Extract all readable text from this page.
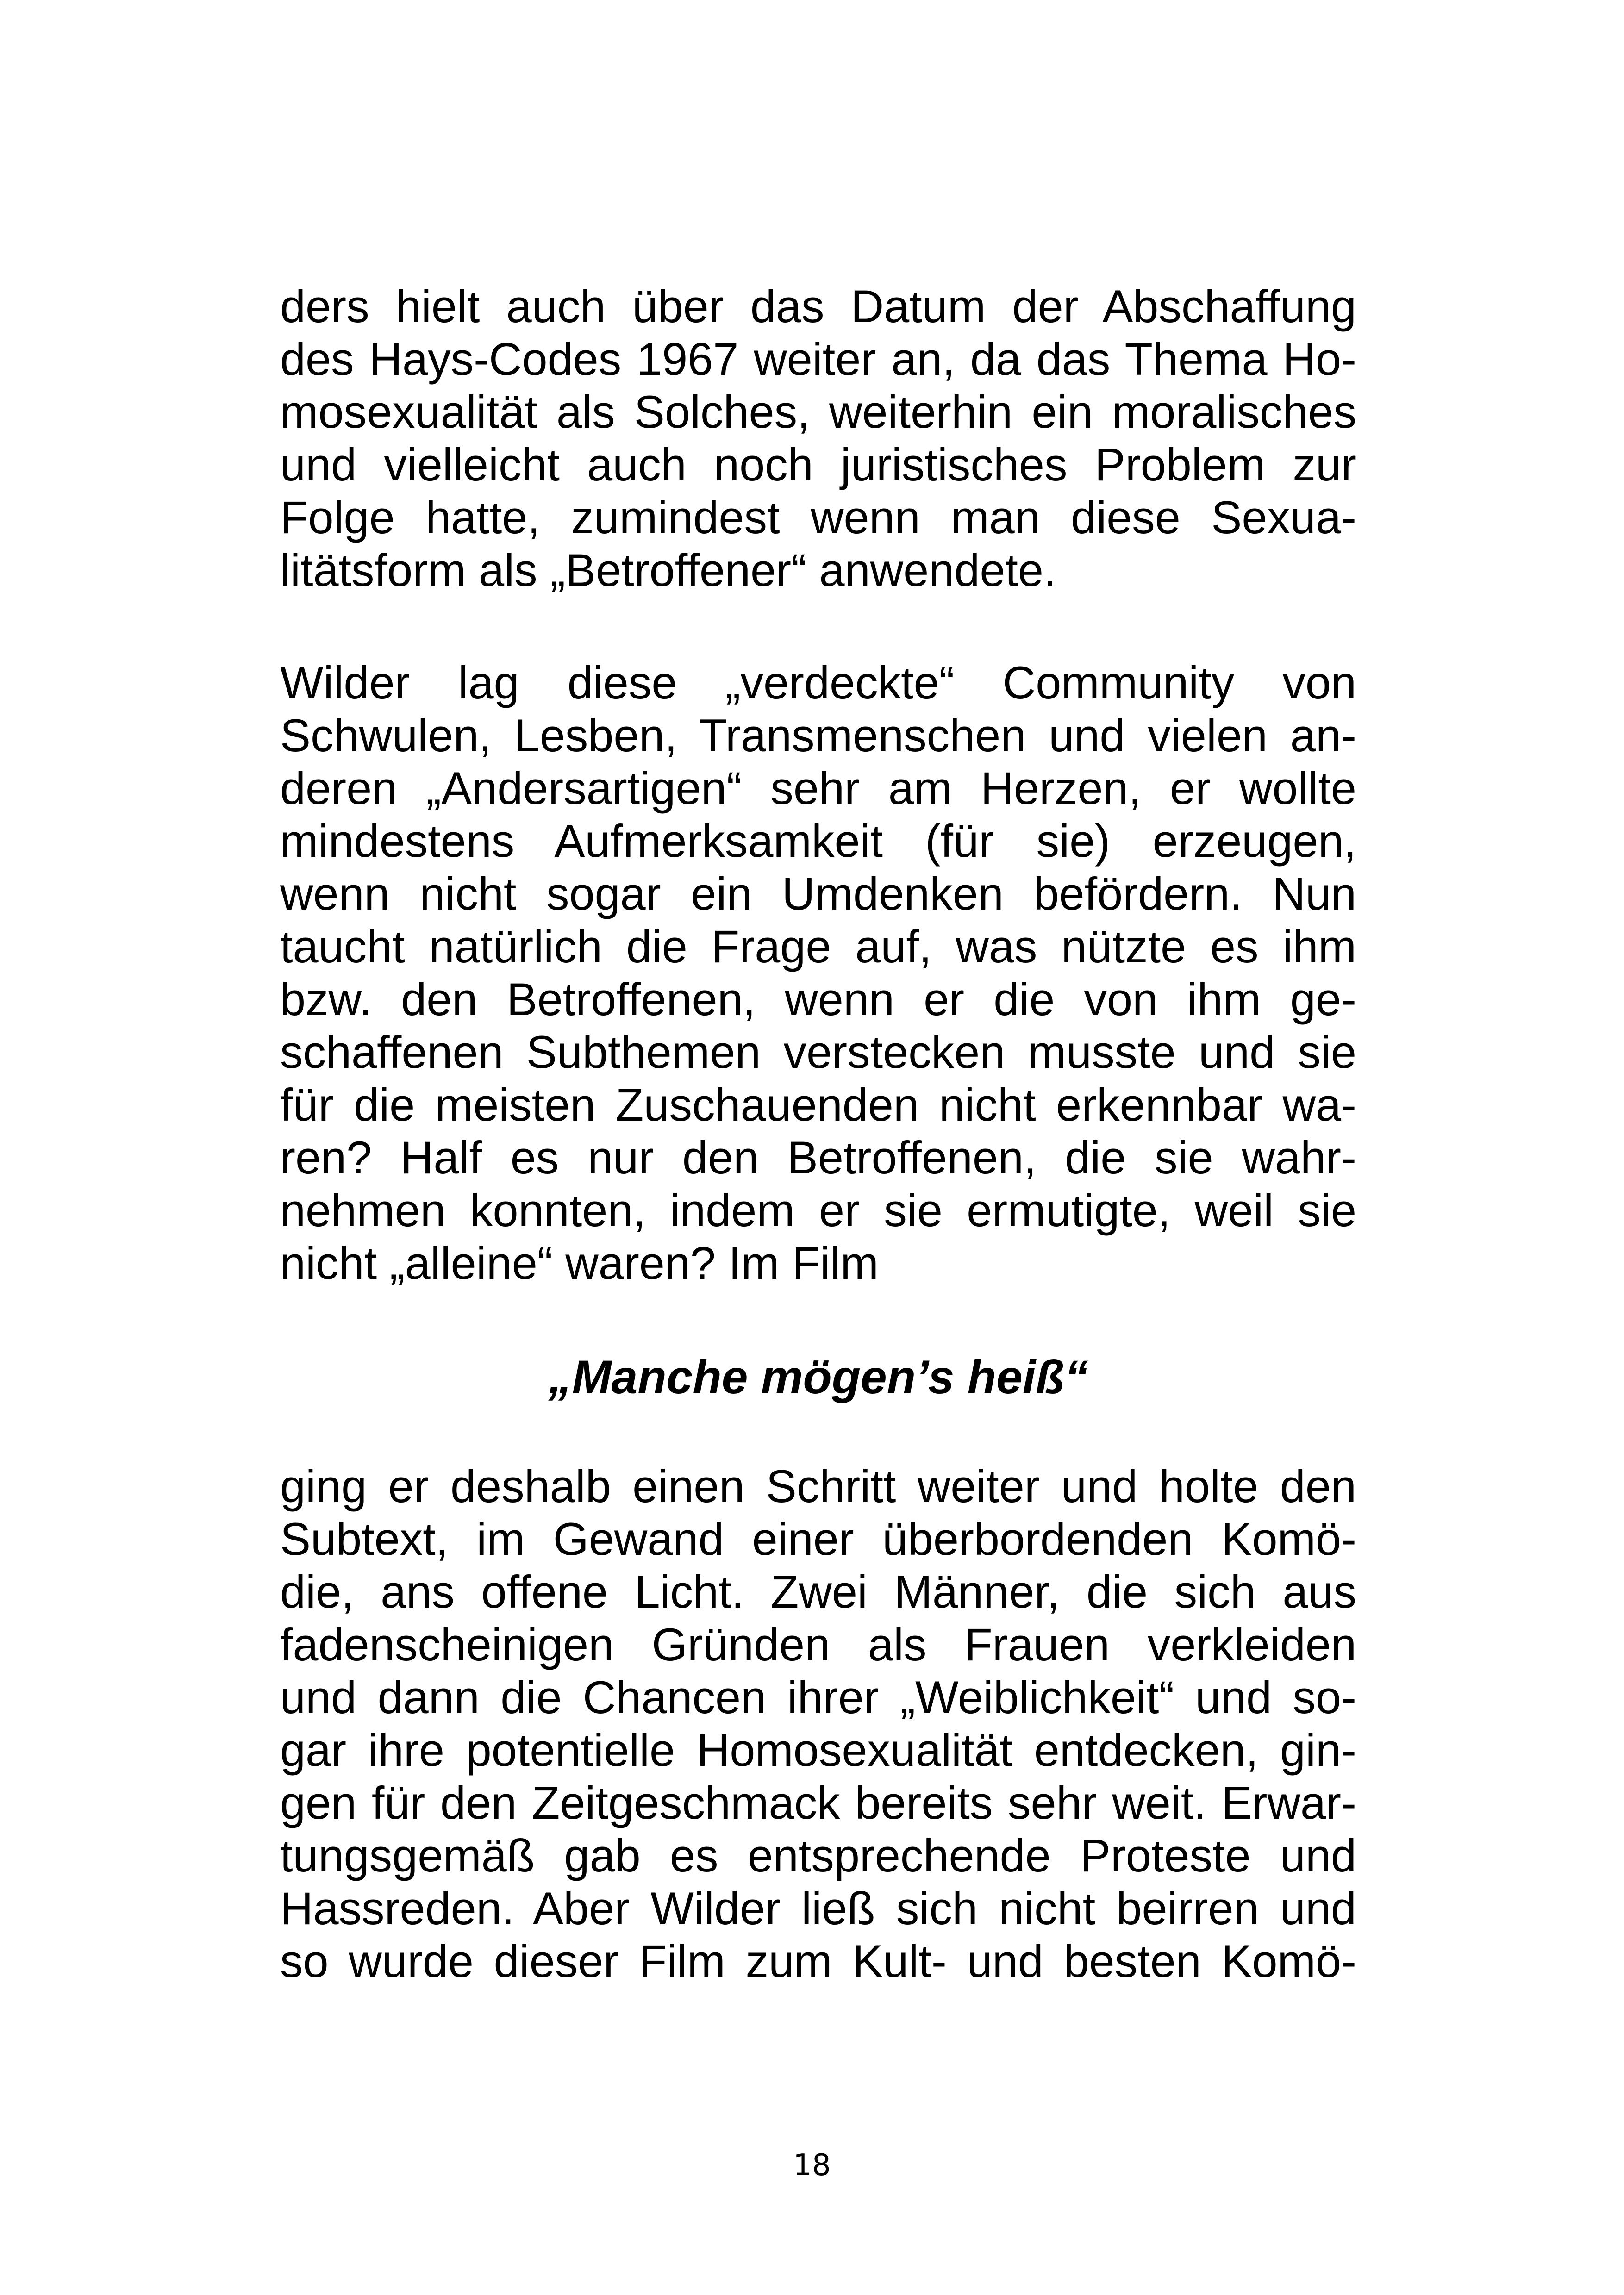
ders hielt auch über das Datum der Abschaffung
des Hays-Codes 1967 weiter an, da das Thema Ho-
mosexualität als Solches, weiterhin ein moralisches
und vielleicht auch noch juristisches Problem zur
Folge hatte, zumindest wenn man diese Sexua-
litätsform als „Betroffener“ anwendete.
Wilder lag diese „verdeckte“ Community von
Schwulen, Lesben, Transmenschen und vielen an-
deren „Andersartigen“ sehr am Herzen, er wollte
mindestens Aufmerksamkeit (für sie) erzeugen,
wenn nicht sogar ein Umdenken befördern. Nun
taucht natürlich die Frage auf, was nützte es ihm
bzw. den Betroffenen, wenn er die von ihm ge-
schaffenen Subthemen verstecken musste und sie
für die meisten Zuschauenden nicht erkennbar wa-
ren? Half es nur den Betroffenen, die sie wahr-
nehmen konnten, indem er sie ermutigte, weil sie
nicht „alleine“ waren? Im Film
„Manche mögen’s heiß“
ging er deshalb einen Schritt weiter und holte den
Subtext, im Gewand einer überbordenden Komö-
die, ans offene Licht. Zwei Männer, die sich aus
fadenscheinigen Gründen als Frauen verkleiden
und dann die Chancen ihrer „Weiblichkeit“ und so-
gar ihre potentielle Homosexualität entdecken, gin-
gen für den Zeitgeschmack bereits sehr weit. Erwar-
tungsgemäß gab es entsprechende Proteste und
Hassreden. Aber Wilder ließ sich nicht beirren und
so wurde dieser Film zum Kult- und besten Komö-
18
